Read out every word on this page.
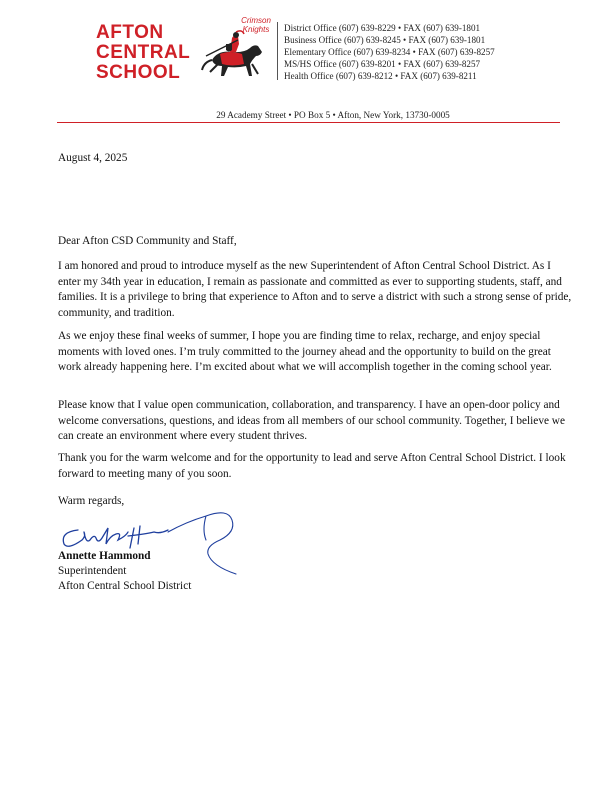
AFTON
CENTRAL
SCHOOL
Crimson
Knights	District Office (607) 639-8229 • FAX (607) 639-1801
Business Office (607) 639-8245 • FAX (607) 639-1801
Elementary Office (607) 639-8234 • FAX (607) 639-8257
MS/HS Office (607) 639-8201 • FAX (607) 639-8257
Health Office (607) 639-8212 • FAX (607) 639-8211
29 Academy Street • PO Box 5 • Afton, New York, 13730-0005
August 4, 2025
Dear Afton CSD Community and Staff,
I am honored and proud to introduce myself as the new Superintendent of Afton Central School District. As I enter my 34th year in education, I remain as passionate and committed as ever to supporting students, staff, and families. It is a privilege to bring that experience to Afton and to serve a district with such a strong sense of pride, community, and tradition.
As we enjoy these final weeks of summer, I hope you are finding time to relax, recharge, and enjoy special moments with loved ones. I’m truly committed to the journey ahead and the opportunity to build on the great work already happening here. I’m excited about what we will accomplish together in the coming school year.
Please know that I value open communication, collaboration, and transparency. I have an open-door policy and welcome conversations, questions, and ideas from all members of our school community. Together, I believe we can create an environment where every student thrives.
Thank you for the warm welcome and for the opportunity to lead and serve Afton Central School District. I look forward to meeting many of you soon.
Warm regards,
Annette Hammond
Superintendent
Afton Central School District
